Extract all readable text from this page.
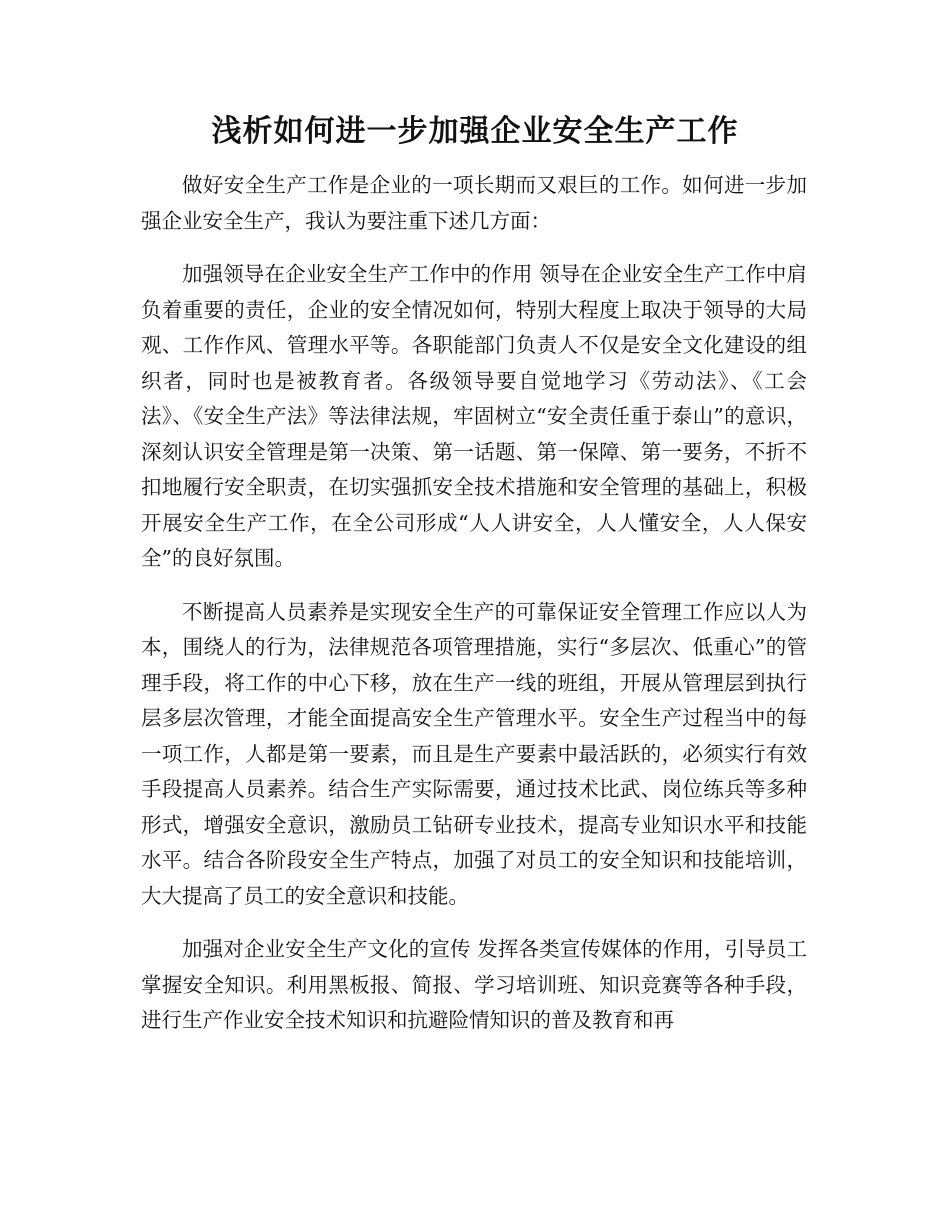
浅析如何进一步加强企业安全生产工作

做好安全生产工作是企业的一项长期而又艰巨的工作。如何进一步加强企业安全生产，我认为要注重下述几方面：

加强领导在企业安全生产工作中的作用 领导在企业安全生产工作中肩负着重要的责任，企业的安全情况如何，特别大程度上取决于领导的大局观、工作作风、管理水平等。各职能部门负责人不仅是安全文化建设的组织者，同时也是被教育者。各级领导要自觉地学习《劳动法》、《工会法》、《安全生产法》等法律法规，牢固树立“安全责任重于泰山”的意识，深刻认识安全管理是第一决策、第一话题、第一保障、第一要务，不折不扣地履行安全职责，在切实强抓安全技术措施和安全管理的基础上，积极开展安全生产工作，在全公司形成“人人讲安全，人人懂安全，人人保安全”的良好氛围。

不断提高人员素养是实现安全生产的可靠保证安全管理工作应以人为本，围绕人的行为，法律规范各项管理措施，实行“多层次、低重心”的管理手段，将工作的中心下移，放在生产一线的班组，开展从管理层到执行层多层次管理，才能全面提高安全生产管理水平。安全生产过程当中的每一项工作，人都是第一要素，而且是生产要素中最活跃的，必须实行有效手段提高人员素养。结合生产实际需要，通过技术比武、岗位练兵等多种形式，增强安全意识，激励员工钻研专业技术，提高专业知识水平和技能水平。结合各阶段安全生产特点，加强了对员工的安全知识和技能培训，大大提高了员工的安全意识和技能。

加强对企业安全生产文化的宣传 发挥各类宣传媒体的作用，引导员工掌握安全知识。利用黑板报、简报、学习培训班、知识竞赛等各种手段，进行生产作业安全技术知识和抗避险情知识的普及教育和再
